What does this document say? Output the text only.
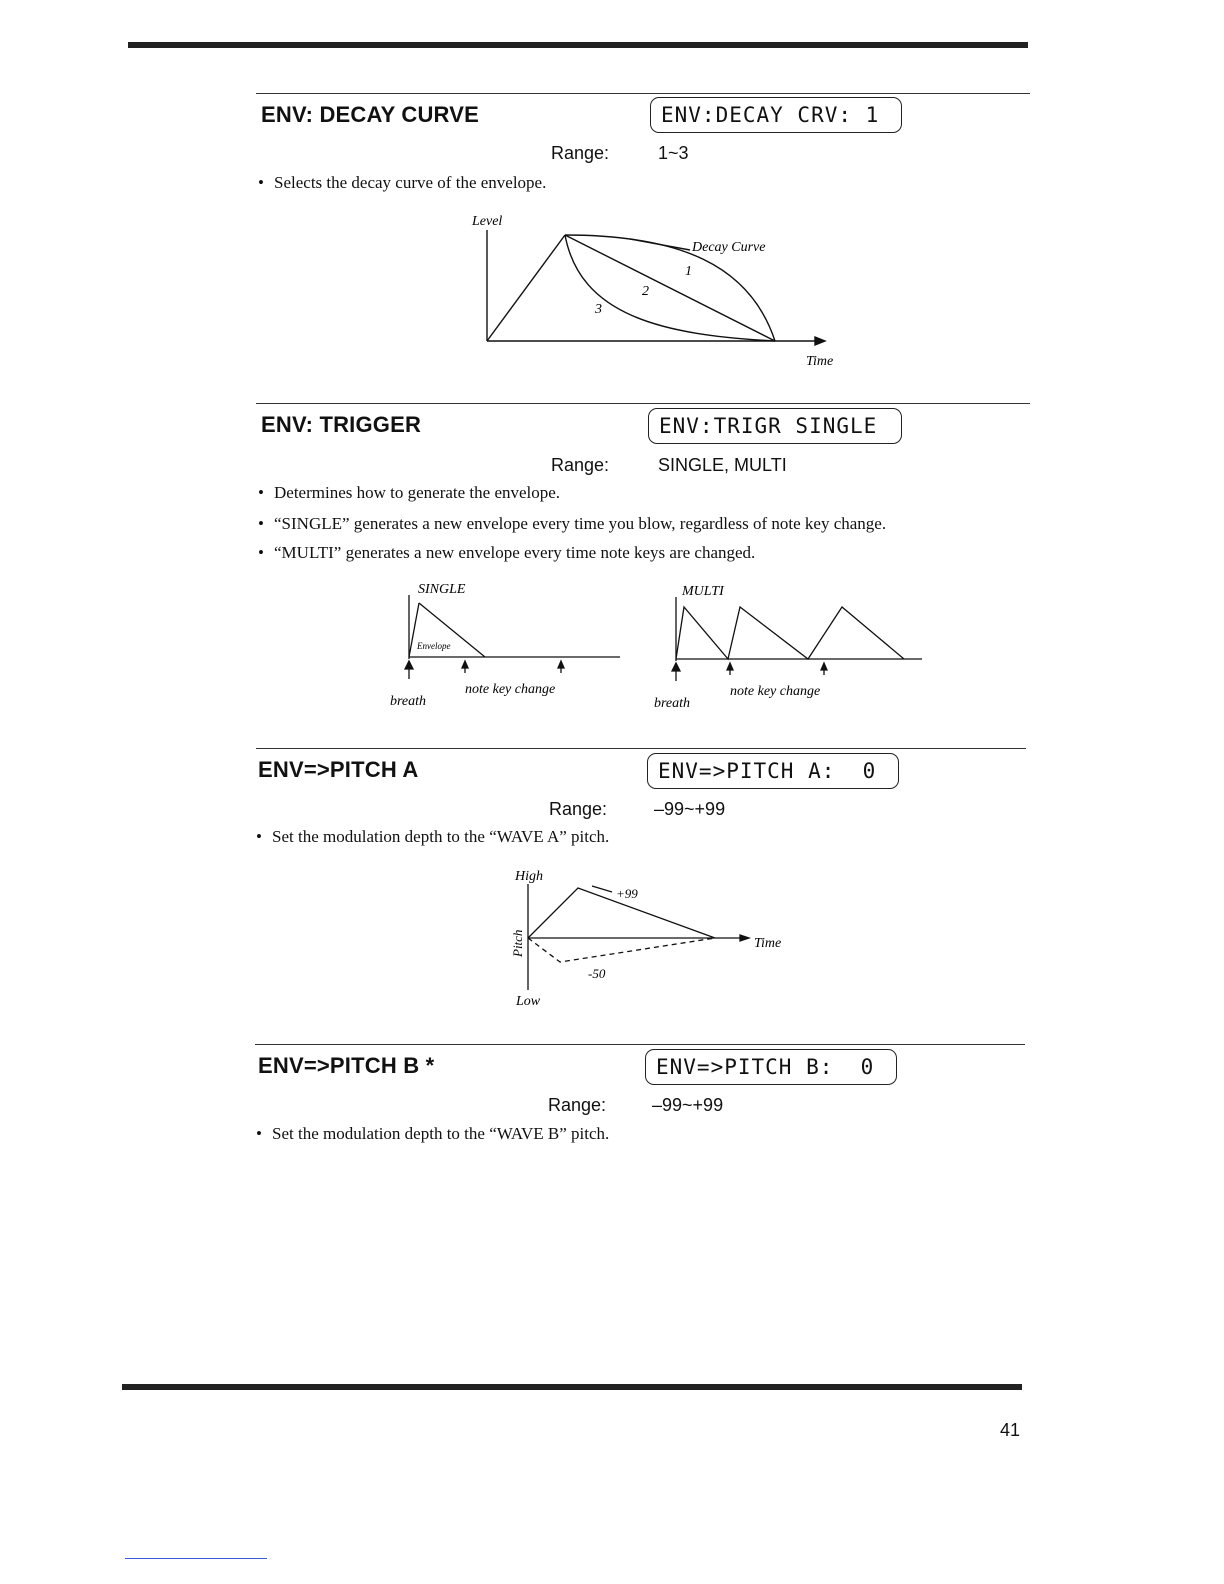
ENV: DECAY CURVE	ENV:DECAY CRV: 1
Range:	1~3
• Selects the decay curve of the envelope.
Level
Decay Curve
1
2
3
Time
ENV: TRIGGER	ENV:TRIGR SINGLE
Range:	SINGLE, MULTI
• Determines how to generate the envelope.
• “SINGLE” generates a new envelope every time you blow, regardless of note key change.
• “MULTI” generates a new envelope every time note keys are changed.
SINGLE
Envelope
note key change
breath
MULTI
note key change
breath
ENV=>PITCH A	ENV=>PITCH A:  0
Range:	–99~+99
• Set the modulation depth to the “WAVE A” pitch.
High
+99
Time
Pitch
-50
Low
ENV=>PITCH B *	ENV=>PITCH B:  0
Range:	–99~+99
• Set the modulation depth to the “WAVE B” pitch.
41
